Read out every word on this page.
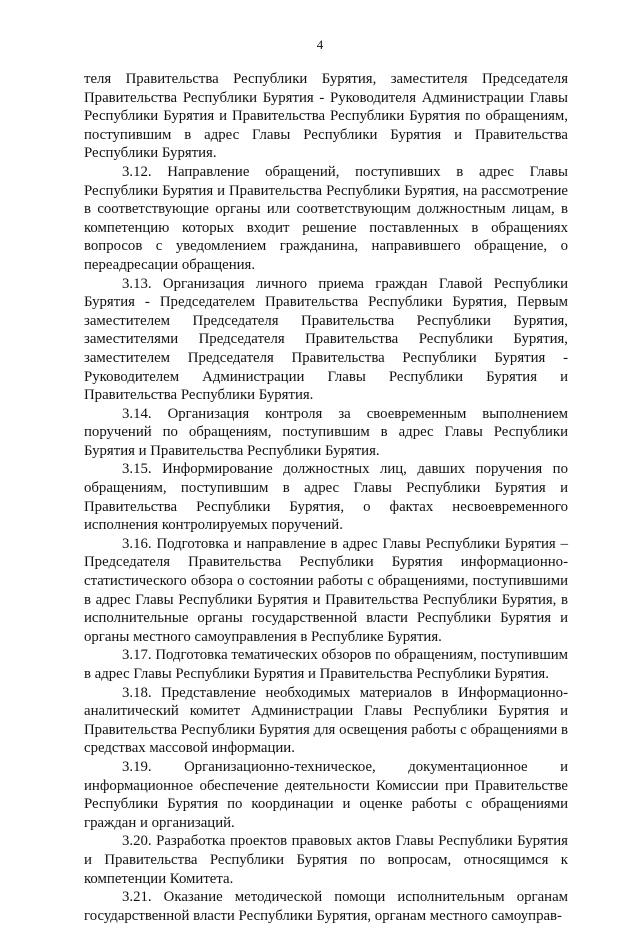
4

теля Правительства Республики Бурятия, заместителя Председателя Правительства Республики Бурятия - Руководителя Администрации Главы Республики Бурятия и Правительства Республики Бурятия по обращениям, поступившим в адрес Главы Республики Бурятия и Правительства Республики Бурятия.

3.12. Направление обращений, поступивших в адрес Главы Республики Бурятия и Правительства Республики Бурятия, на рассмотрение в соответствующие органы или соответствующим должностным лицам, в компетенцию которых входит решение поставленных в обращениях вопросов с уведомлением гражданина, направившего обращение, о переадресации обращения.

3.13. Организация личного приема граждан Главой Республики Бурятия - Председателем Правительства Республики Бурятия, Первым заместителем Председателя Правительства Республики Бурятия, заместителями Председателя Правительства Республики Бурятия, заместителем Председателя Правительства Республики Бурятия - Руководителем Администрации Главы Республики Бурятия и Правительства Республики Бурятия.

3.14. Организация контроля за своевременным выполнением поручений по обращениям, поступившим в адрес Главы Республики Бурятия и Правительства Республики Бурятия.

3.15. Информирование должностных лиц, давших поручения по обращениям, поступившим в адрес Главы Республики Бурятия и Правительства Республики Бурятия, о фактах несвоевременного исполнения контролируемых поручений.

3.16. Подготовка и направление в адрес Главы Республики Бурятия – Председателя Правительства Республики Бурятия информационно-статистического обзора о состоянии работы с обращениями, поступившими в адрес Главы Республики Бурятия и Правительства Республики Бурятия, в исполнительные органы государственной власти Республики Бурятия и органы местного самоуправления в Республике Бурятия.

3.17. Подготовка тематических обзоров по обращениям, поступившим в адрес Главы Республики Бурятия и Правительства Республики Бурятия.

3.18. Представление необходимых материалов в Информационно-аналитический комитет Администрации Главы Республики Бурятия и Правительства Республики Бурятия для освещения работы с обращениями в средствах массовой информации.

3.19. Организационно-техническое, документационное и информационное обеспечение деятельности Комиссии при Правительстве Республики Бурятия по координации и оценке работы с обращениями граждан и организаций.

3.20. Разработка проектов правовых актов Главы Республики Бурятия и Правительства Республики Бурятия по вопросам, относящимся к компетенции Комитета.

3.21. Оказание методической помощи исполнительным органам государственной власти Республики Бурятия, органам местного самоуправ-
